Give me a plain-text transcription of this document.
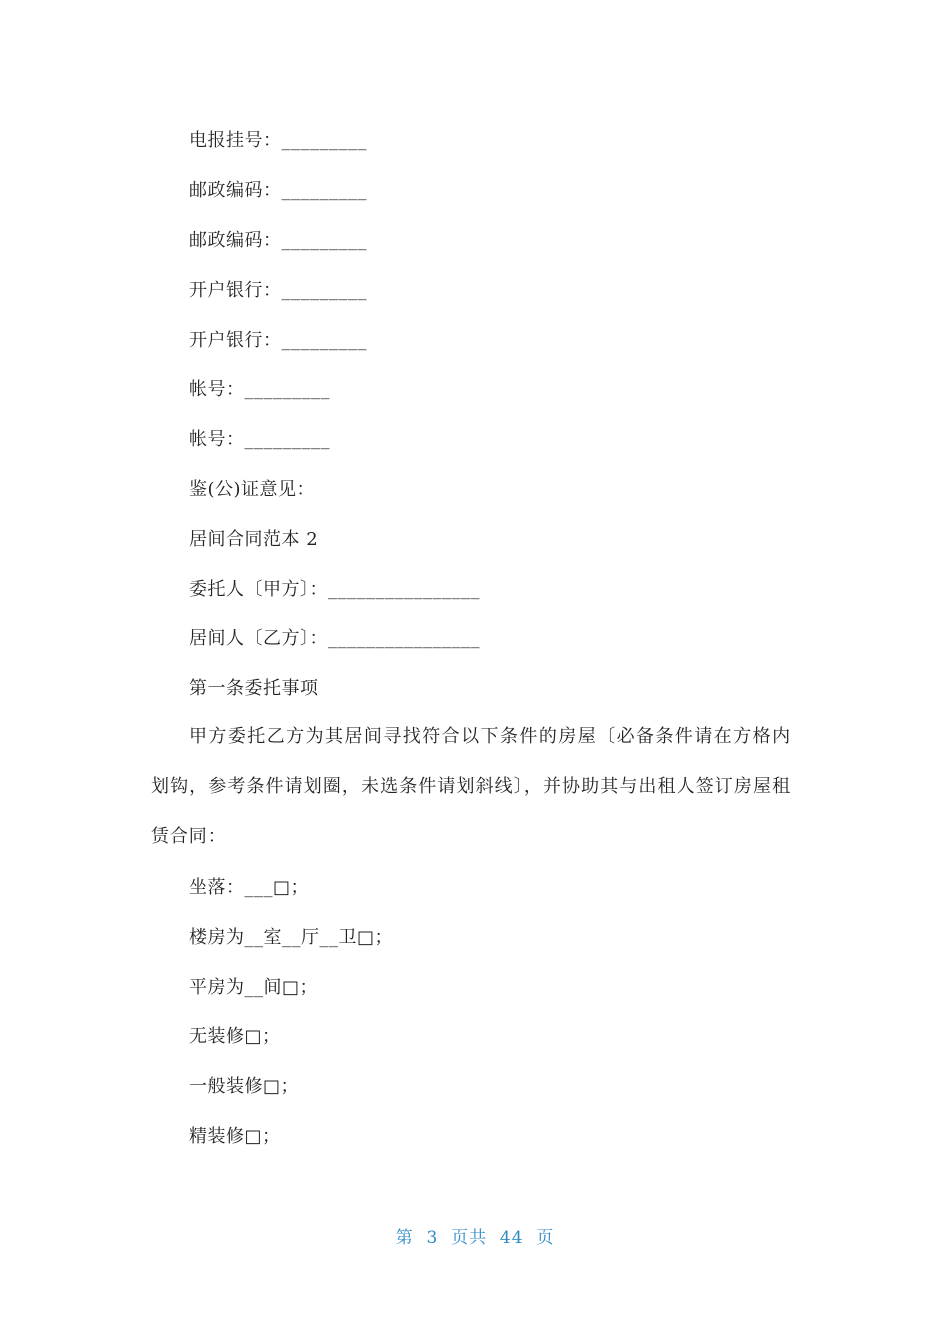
电报挂号：_________
邮政编码：_________
邮政编码：_________
开户银行：_________
开户银行：_________
帐号：_________
帐号：_________
鉴(公)证意见：
居间合同范本 2
委托人〔甲方〕：________________
居间人〔乙方〕：________________
第一条委托事项
甲方委托乙方为其居间寻找符合以下条件的房屋〔必备条件请在方格内划钩，参考条件请划圈，未选条件请划斜线〕，并协助其与出租人签订房屋租赁合同：
坐落：___□；
楼房为__室__厅__卫□；
平房为__间□；
无装修□；
一般装修□；
精装修□；
第  3  页共  44  页
